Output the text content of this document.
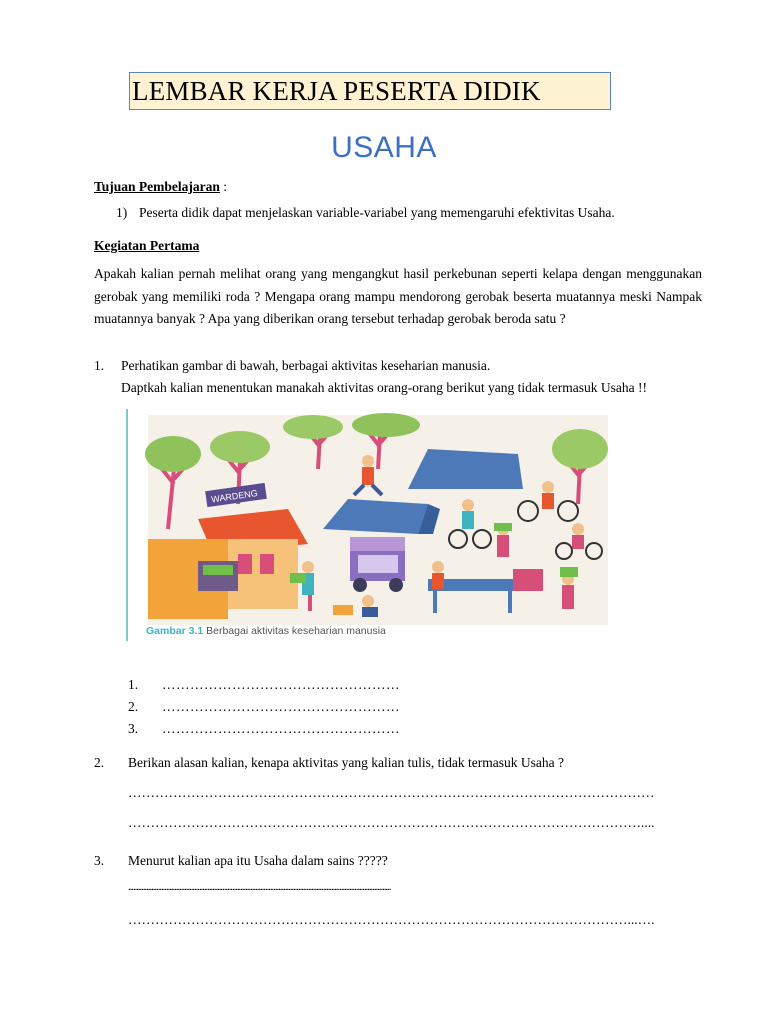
LEMBAR KERJA PESERTA DIDIK
USAHA
Tujuan Pembelajaran :
1) Peserta didik dapat menjelaskan variable-variabel yang memengaruhi efektivitas Usaha.
Kegiatan Pertama
Apakah kalian pernah melihat orang yang mengangkut hasil perkebunan seperti kelapa dengan menggunakan gerobak yang memiliki roda ? Mengapa orang mampu mendorong gerobak beserta muatannya meski Nampak muatannya banyak ? Apa yang diberikan orang tersebut terhadap gerobak beroda satu ?
1. Perhatikan gambar di bawah, berbagai aktivitas keseharian manusia.
Daptkah kalian menentukan manakah aktivitas orang-orang berikut yang tidak termasuk Usaha !!
WARDENG
Gambar 3.1 Berbagai aktivitas keseharian manusia
1. ……………………………………………
2. ……………………………………………
3. ……………………………………………
2. Berikan alasan kalian, kenapa aktivitas yang kalian tulis, tidak termasuk Usaha ?
………………………………………………………………………………………………………
……………………………………………………………………………………………………....
3. Menurut kalian apa itu Usaha dalam sains ?????
...............................................................................................................................................................
…………………………………………………………………………………………………...….
